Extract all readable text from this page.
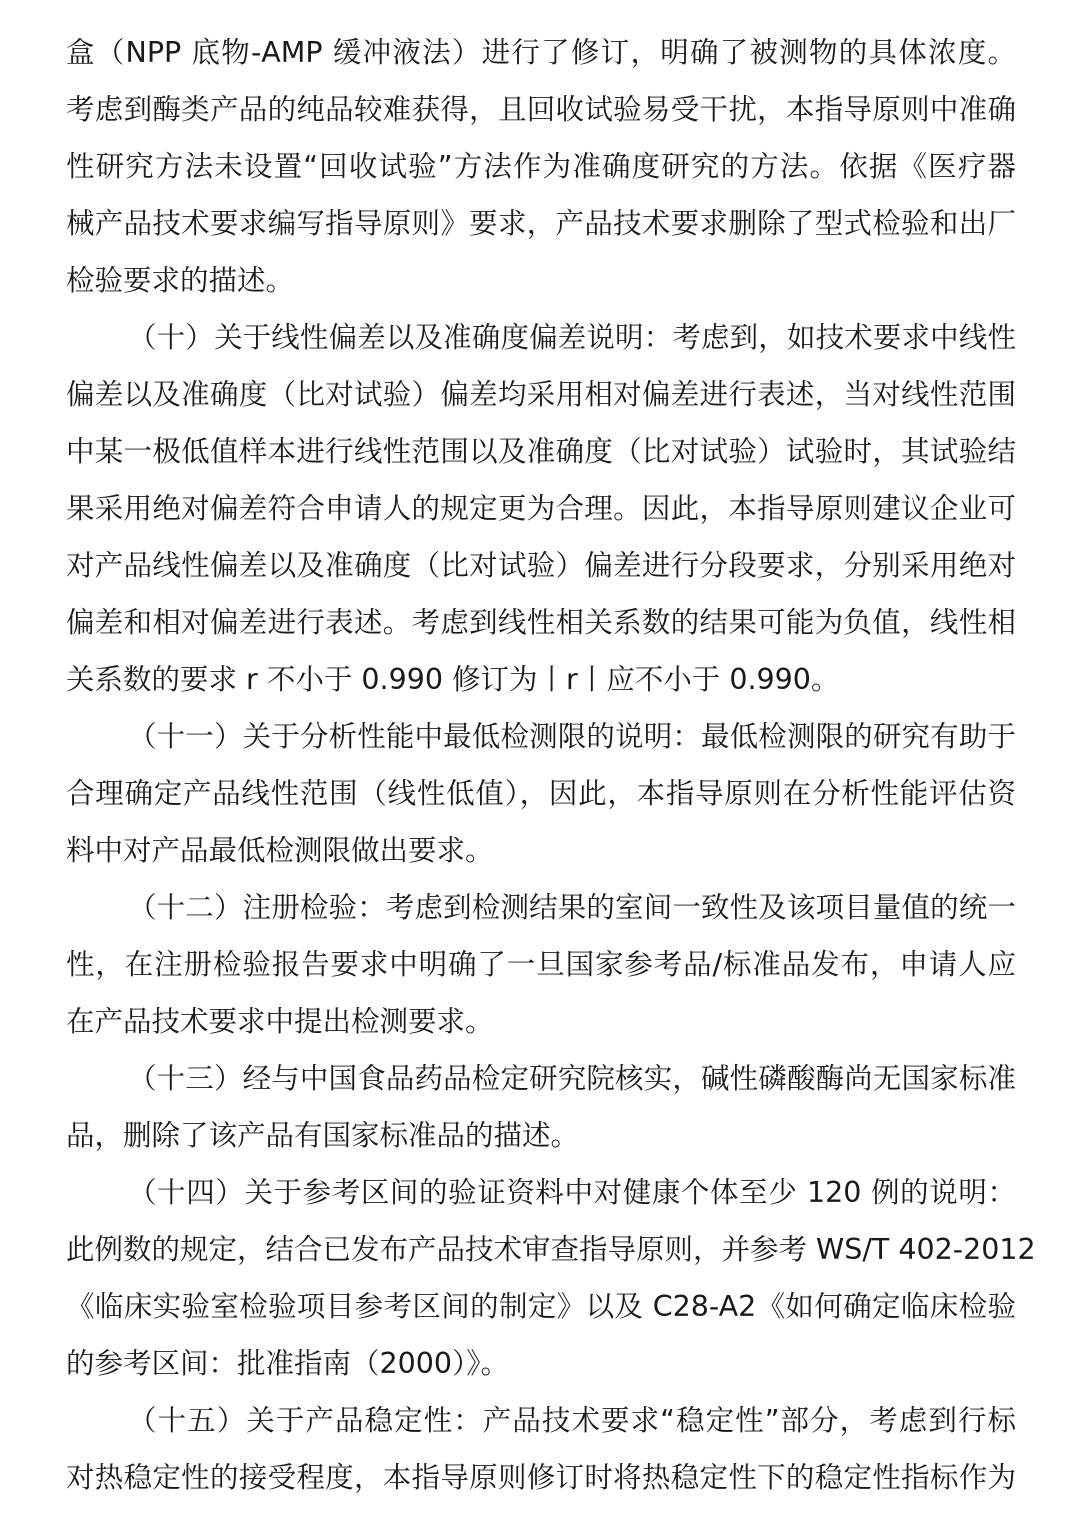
盒（NPP 底物-AMP 缓冲液法）进行了修订，明确了被测物的具体浓度。
考虑到酶类产品的纯品较难获得，且回收试验易受干扰，本指导原则中准确
性研究方法未设置“回收试验”方法作为准确度研究的方法。依据《医疗器
械产品技术要求编写指导原则》要求，产品技术要求删除了型式检验和出厂
检验要求的描述。
（十）关于线性偏差以及准确度偏差说明：考虑到，如技术要求中线性
偏差以及准确度（比对试验）偏差均采用相对偏差进行表述，当对线性范围
中某一极低值样本进行线性范围以及准确度（比对试验）试验时，其试验结
果采用绝对偏差符合申请人的规定更为合理。因此，本指导原则建议企业可
对产品线性偏差以及准确度（比对试验）偏差进行分段要求，分别采用绝对
偏差和相对偏差进行表述。考虑到线性相关系数的结果可能为负值，线性相
关系数的要求 r 不小于 0.990 修订为丨r丨应不小于 0.990。
（十一）关于分析性能中最低检测限的说明：最低检测限的研究有助于
合理确定产品线性范围（线性低值），因此，本指导原则在分析性能评估资
料中对产品最低检测限做出要求。
（十二）注册检验：考虑到检测结果的室间一致性及该项目量值的统一
性，在注册检验报告要求中明确了一旦国家参考品/标准品发布，申请人应
在产品技术要求中提出检测要求。
（十三）经与中国食品药品检定研究院核实，碱性磷酸酶尚无国家标准
品，删除了该产品有国家标准品的描述。
（十四）关于参考区间的验证资料中对健康个体至少 120 例的说明：
此例数的规定，结合已发布产品技术审查指导原则，并参考 WS/T 402-2012
《临床实验室检验项目参考区间的制定》以及 C28-A2《如何确定临床检验
的参考区间：批准指南（2000）》。
（十五）关于产品稳定性：产品技术要求“稳定性”部分，考虑到行标
对热稳定性的接受程度，本指导原则修订时将热稳定性下的稳定性指标作为
